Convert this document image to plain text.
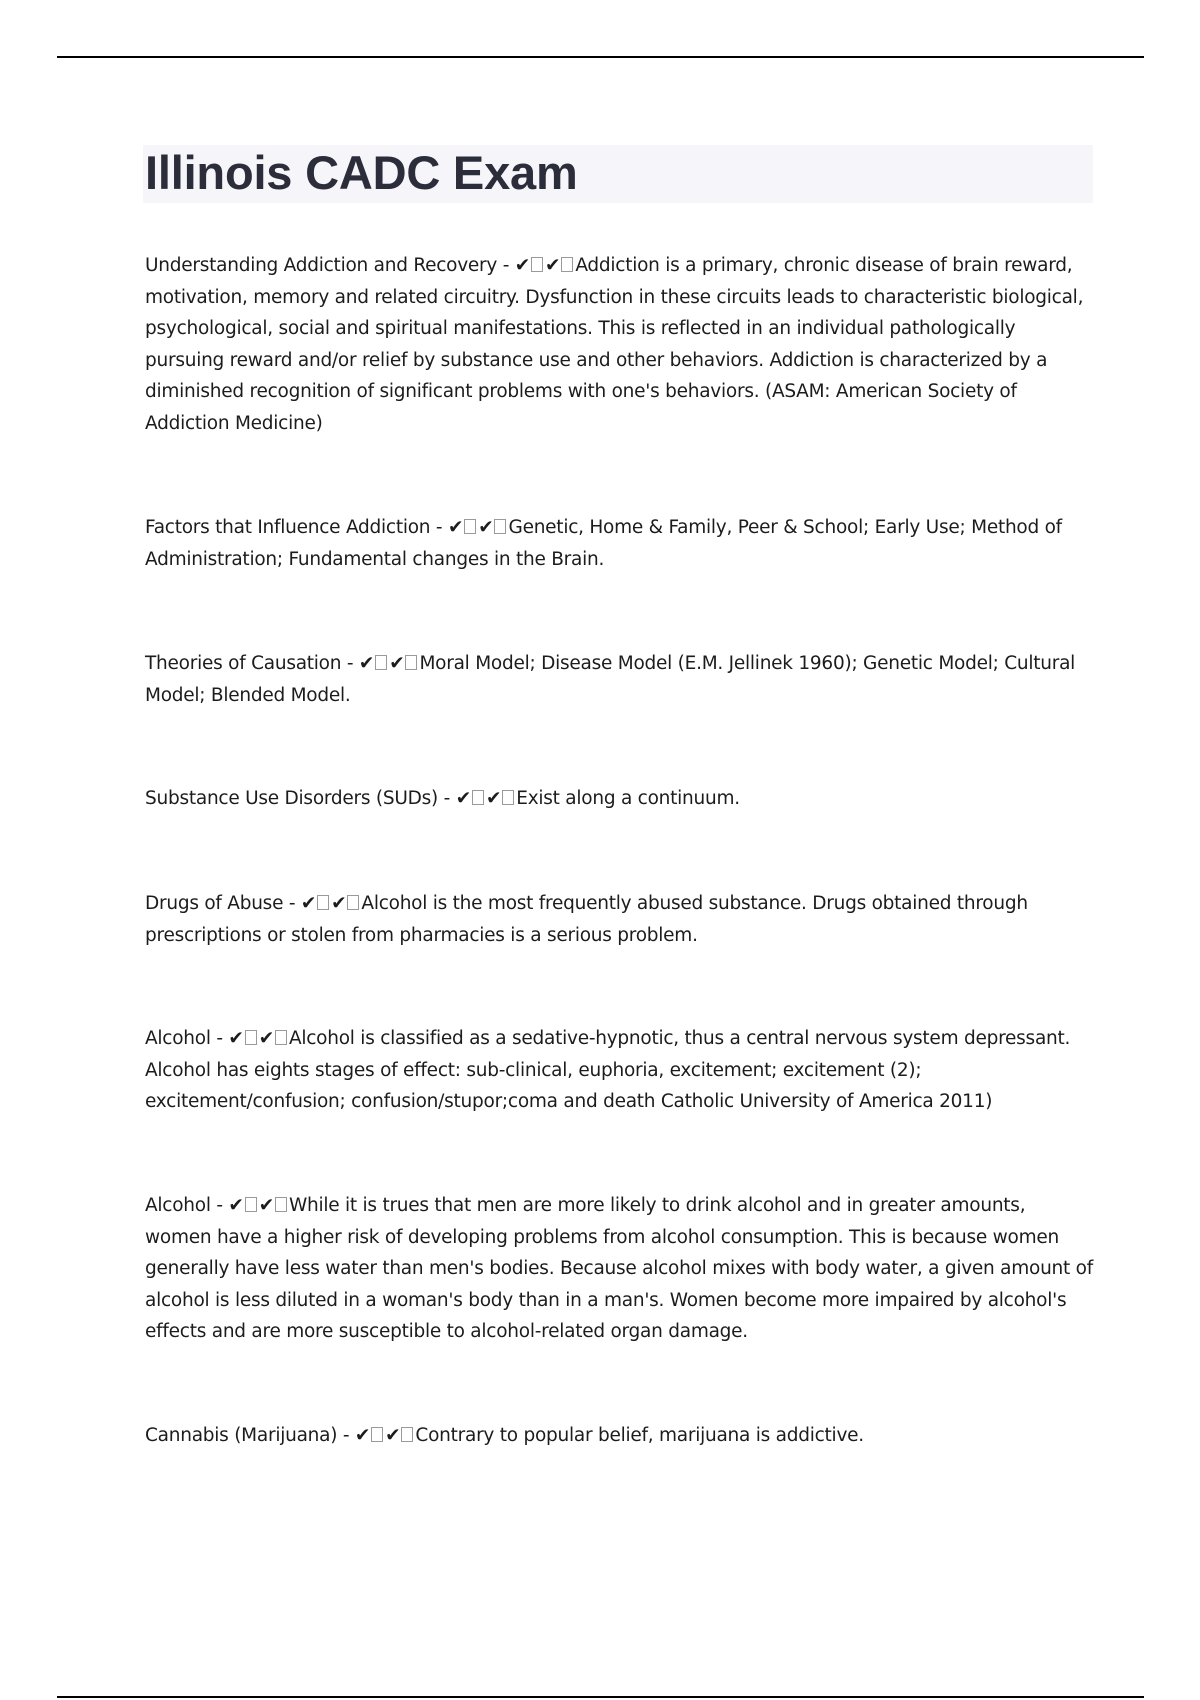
Illinois CADC Exam
Understanding Addiction and Recovery - ✔ ✔ Addiction is a primary, chronic disease of brain reward, motivation, memory and related circuitry. Dysfunction in these circuits leads to characteristic biological, psychological, social and spiritual manifestations. This is reflected in an individual pathologically pursuing reward and/or relief by substance use and other behaviors. Addiction is characterized by a diminished recognition of significant problems with one's behaviors. (ASAM: American Society of Addiction Medicine)
Factors that Influence Addiction - ✔ ✔ Genetic, Home & Family, Peer & School; Early Use; Method of Administration; Fundamental changes in the Brain.
Theories of Causation - ✔ ✔ Moral Model; Disease Model (E.M. Jellinek 1960); Genetic Model; Cultural Model; Blended Model.
Substance Use Disorders (SUDs) - ✔ ✔ Exist along a continuum.
Drugs of Abuse - ✔ ✔ Alcohol is the most frequently abused substance. Drugs obtained through prescriptions or stolen from pharmacies is a serious problem.
Alcohol - ✔ ✔ Alcohol is classified as a sedative-hypnotic, thus a central nervous system depressant. Alcohol has eights stages of effect: sub-clinical, euphoria, excitement; excitement (2); excitement/confusion; confusion/stupor;coma and death Catholic University of America 2011)
Alcohol - ✔ ✔ While it is trues that men are more likely to drink alcohol and in greater amounts, women have a higher risk of developing problems from alcohol consumption. This is because women generally have less water than men's bodies. Because alcohol mixes with body water, a given amount of alcohol is less diluted in a woman's body than in a man's. Women become more impaired by alcohol's effects and are more susceptible to alcohol-related organ damage.
Cannabis (Marijuana) - ✔ ✔ Contrary to popular belief, marijuana is addictive.
